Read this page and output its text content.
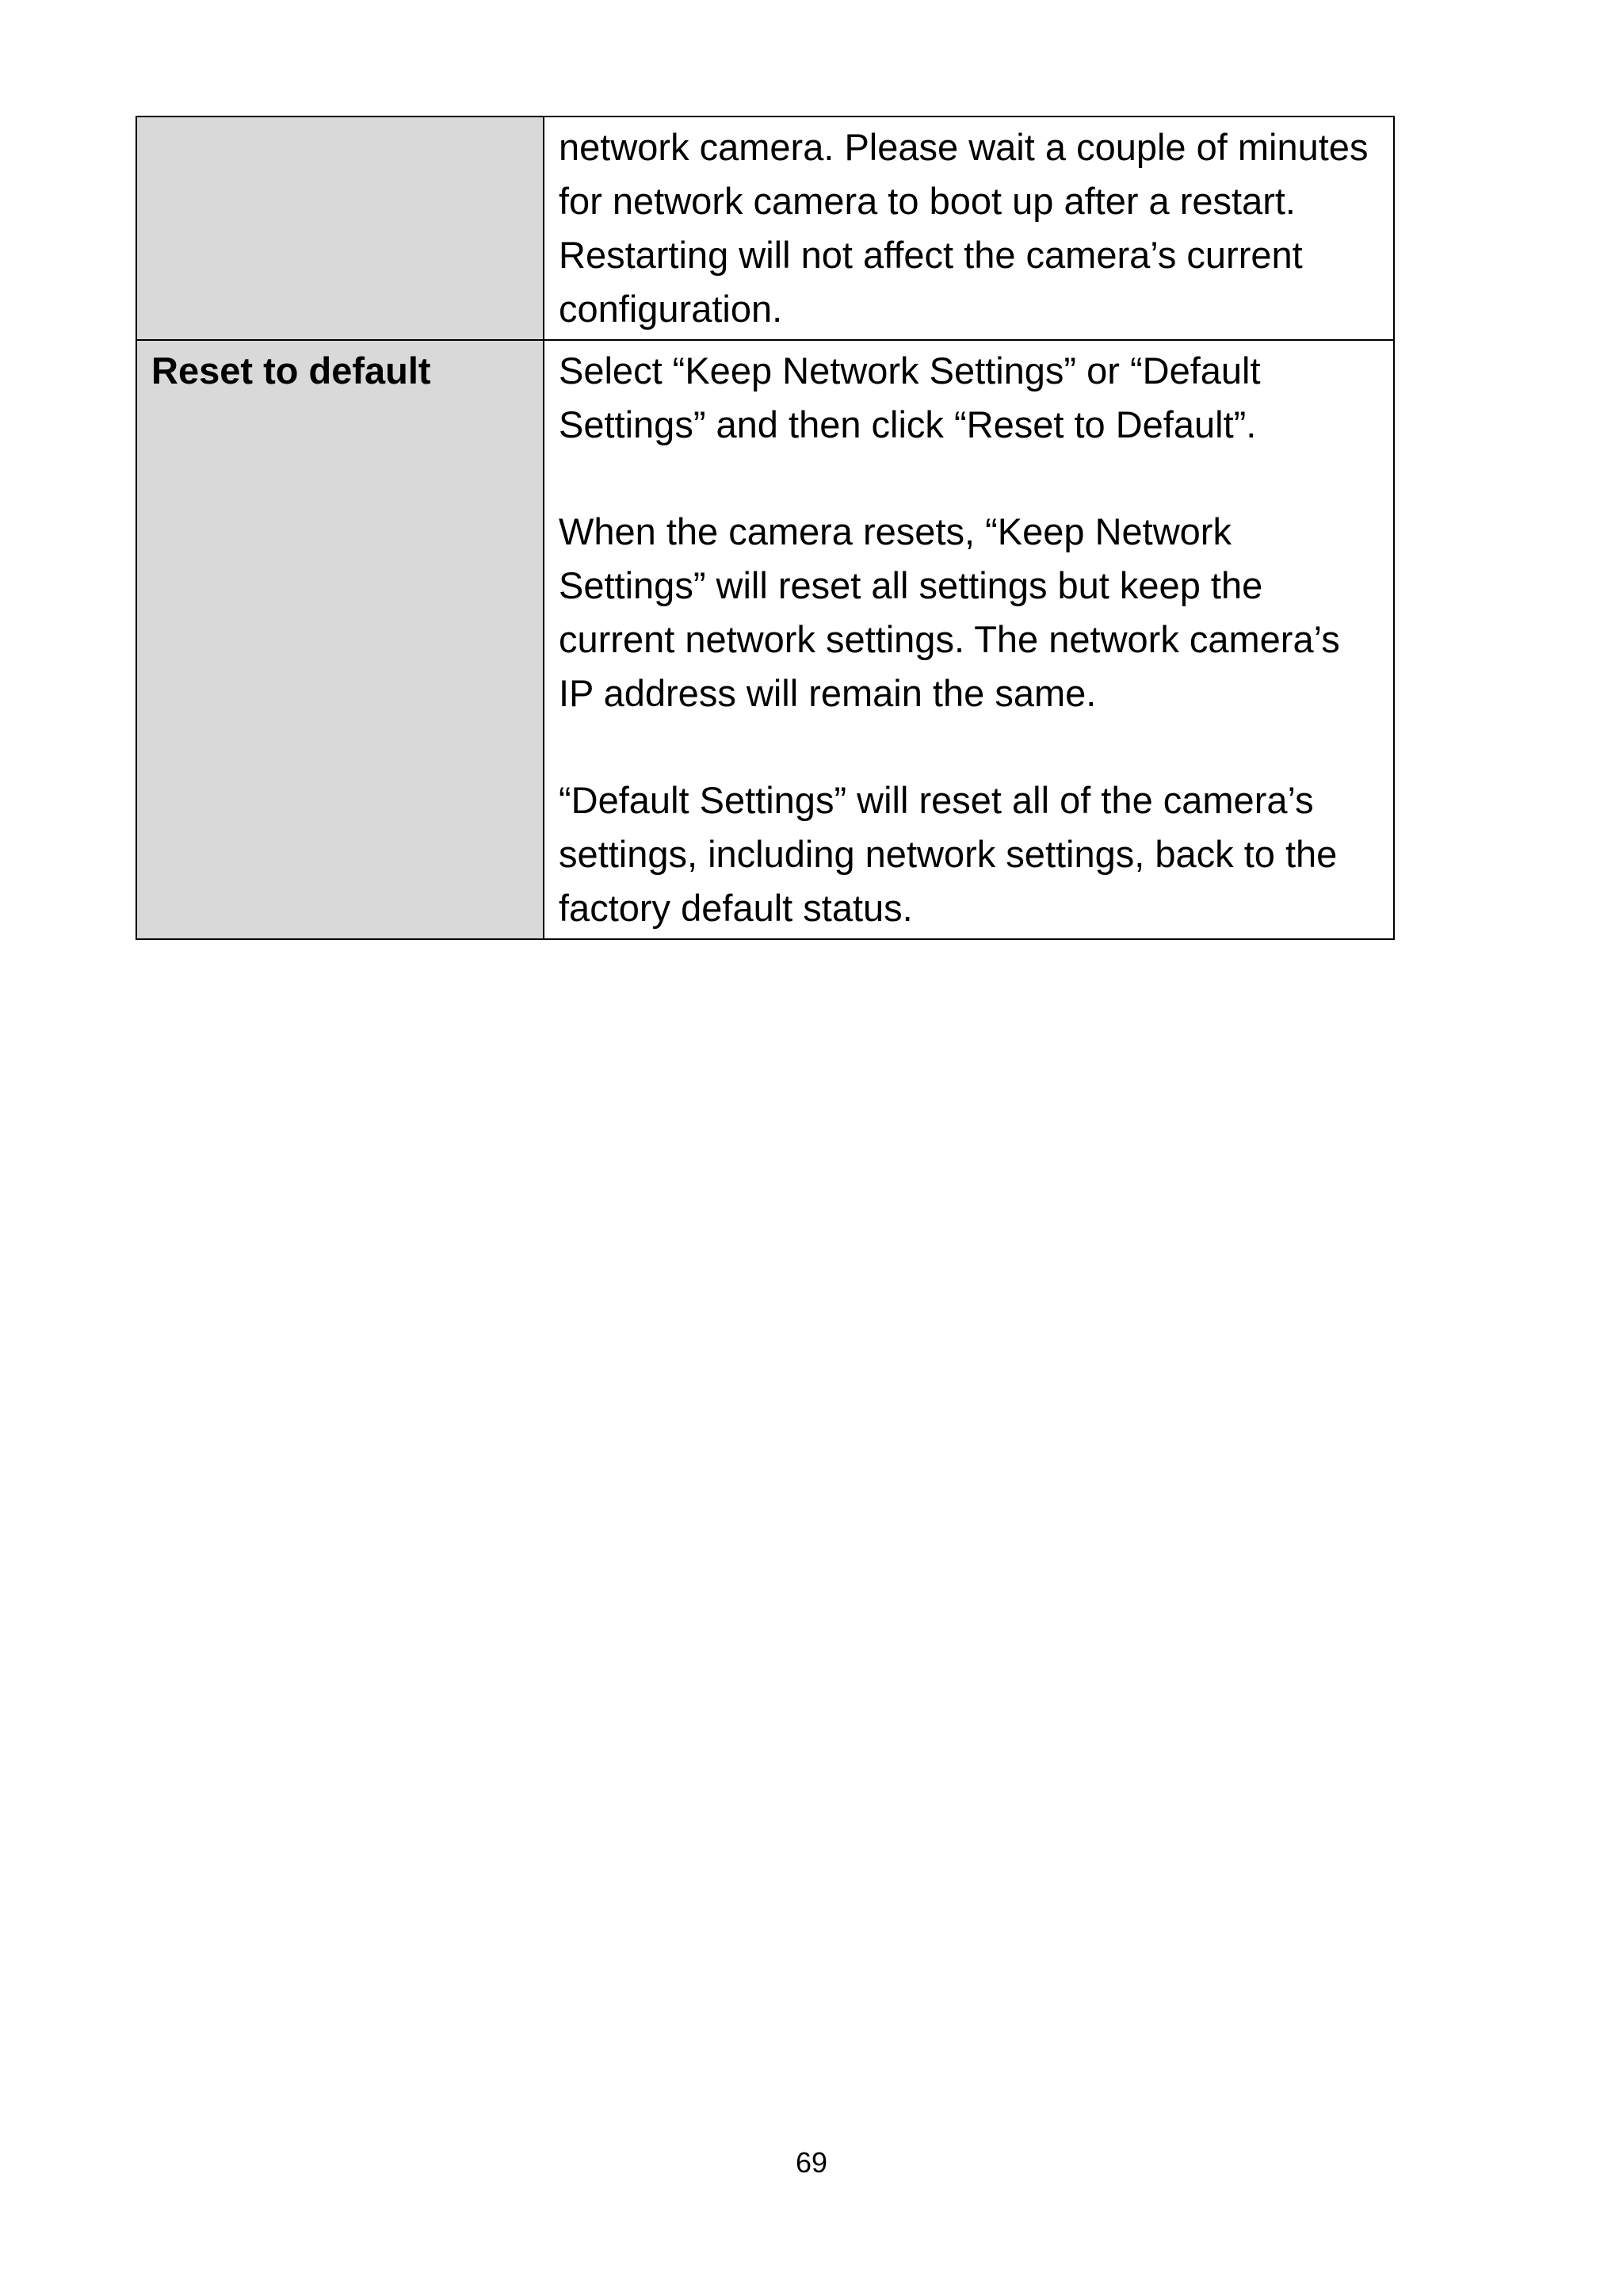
	network camera. Please wait a couple of minutes for network camera to boot up after a restart. Restarting will not affect the camera’s current configuration.

Reset to default	Select “Keep Network Settings” or “Default Settings” and then click “Reset to Default”.

When the camera resets, “Keep Network Settings” will reset all settings but keep the current network settings. The network camera’s IP address will remain the same.

“Default Settings” will reset all of the camera’s settings, including network settings, back to the factory default status.

69
